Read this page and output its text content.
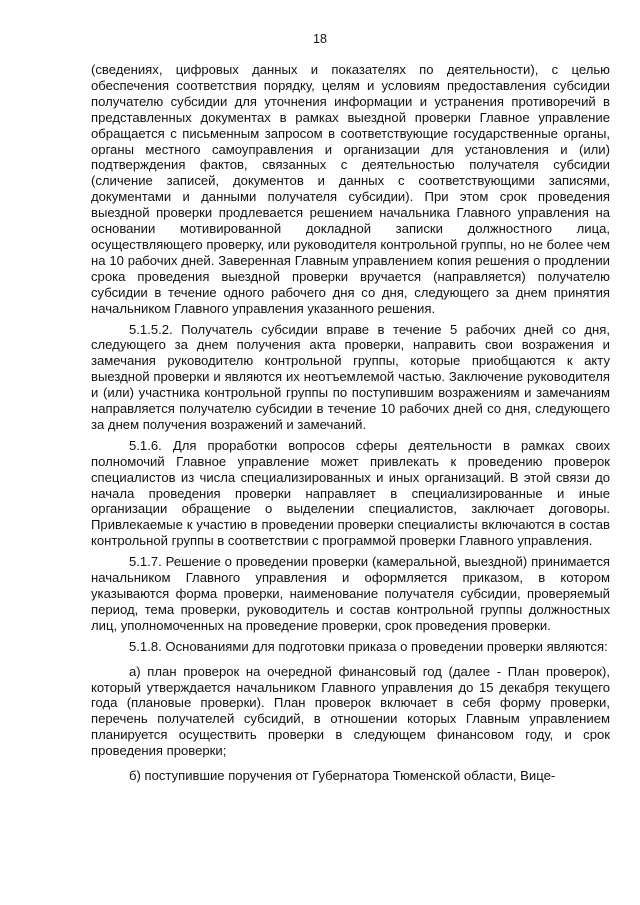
18

(сведениях, цифровых данных и показателях по деятельности), с целью обеспечения соответствия порядку, целям и условиям предоставления субсидии получателю субсидии для уточнения информации и устранения противоречий в представленных документах в рамках выездной проверки Главное управление обращается с письменным запросом в соответствующие государственные органы, органы местного самоуправления и организации для установления и (или) подтверждения фактов, связанных с деятельностью получателя субсидии (сличение записей, документов и данных с соответствующими записями, документами и данными получателя субсидии). При этом срок проведения выездной проверки продлевается решением начальника Главного управления на основании мотивированной докладной записки должностного лица, осуществляющего проверку, или руководителя контрольной группы, но не более чем на 10 рабочих дней. Заверенная Главным управлением копия решения о продлении срока проведения выездной проверки вручается (направляется) получателю субсидии в течение одного рабочего дня со дня, следующего за днем принятия начальником Главного управления указанного решения.

5.1.5.2. Получатель субсидии вправе в течение 5 рабочих дней со дня, следующего за днем получения акта проверки, направить свои возражения и замечания руководителю контрольной группы, которые приобщаются к акту выездной проверки и являются их неотъемлемой частью. Заключение руководителя и (или) участника контрольной группы по поступившим возражениям и замечаниям направляется получателю субсидии в течение 10 рабочих дней со дня, следующего за днем получения возражений и замечаний.

5.1.6. Для проработки вопросов сферы деятельности в рамках своих полномочий Главное управление может привлекать к проведению проверок специалистов из числа специализированных и иных организаций. В этой связи до начала проведения проверки направляет в специализированные и иные организации обращение о выделении специалистов, заключает договоры. Привлекаемые к участию в проведении проверки специалисты включаются в состав контрольной группы в соответствии с программой проверки Главного управления.

5.1.7. Решение о проведении проверки (камеральной, выездной) принимается начальником Главного управления и оформляется приказом, в котором указываются форма проверки, наименование получателя субсидии, проверяемый период, тема проверки, руководитель и состав контрольной группы должностных лиц, уполномоченных на проведение проверки, срок проведения проверки.

5.1.8. Основаниями для подготовки приказа о проведении проверки являются:

а) план проверок на очередной финансовый год (далее - План проверок), который утверждается начальником Главного управления до 15 декабря текущего года (плановые проверки). План проверок включает в себя форму проверки, перечень получателей субсидий, в отношении которых Главным управлением планируется осуществить проверки в следующем финансовом году, и срок проведения проверки;

б) поступившие поручения от Губернатора Тюменской области, Вице-
